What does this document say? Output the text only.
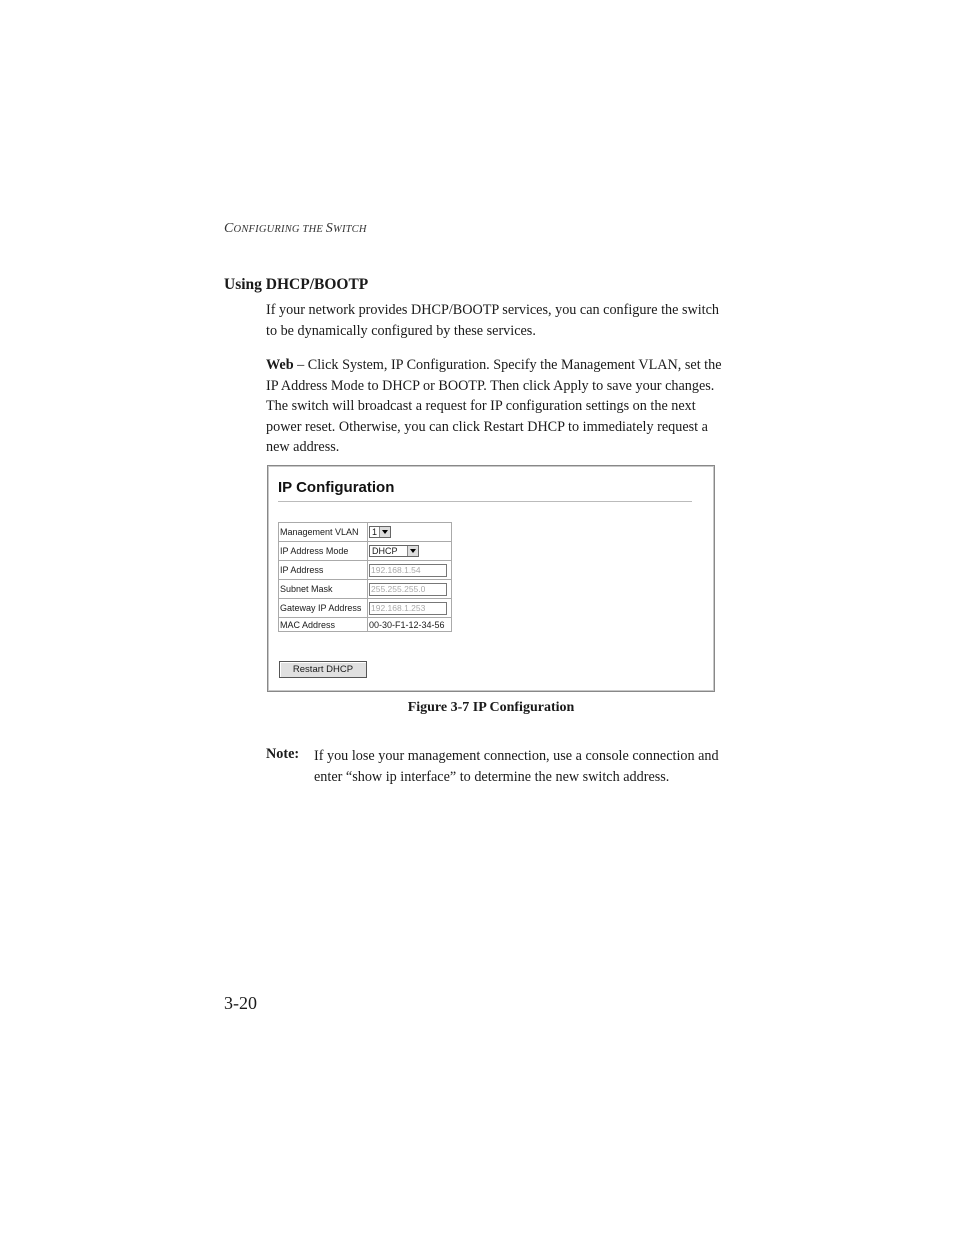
CONFIGURING THE SWITCH
Using DHCP/BOOTP
If your network provides DHCP/BOOTP services, you can configure the switch to be dynamically configured by these services.
Web – Click System, IP Configuration. Specify the Management VLAN, set the IP Address Mode to DHCP or BOOTP. Then click Apply to save your changes. The switch will broadcast a request for IP configuration settings on the next power reset. Otherwise, you can click Restart DHCP to immediately request a new address.
IP Configuration
Management VLAN	1

IP Address Mode	DHCP

IP Address	192.168.1.54
Subnet Mask	255.255.255.0
Gateway IP Address	192.168.1.253
MAC Address	00-30-F1-12-34-56
Restart DHCP
Figure 3-7 IP Configuration
Note: If you lose your management connection, use a console connection and enter “show ip interface” to determine the new switch address.
3-20
